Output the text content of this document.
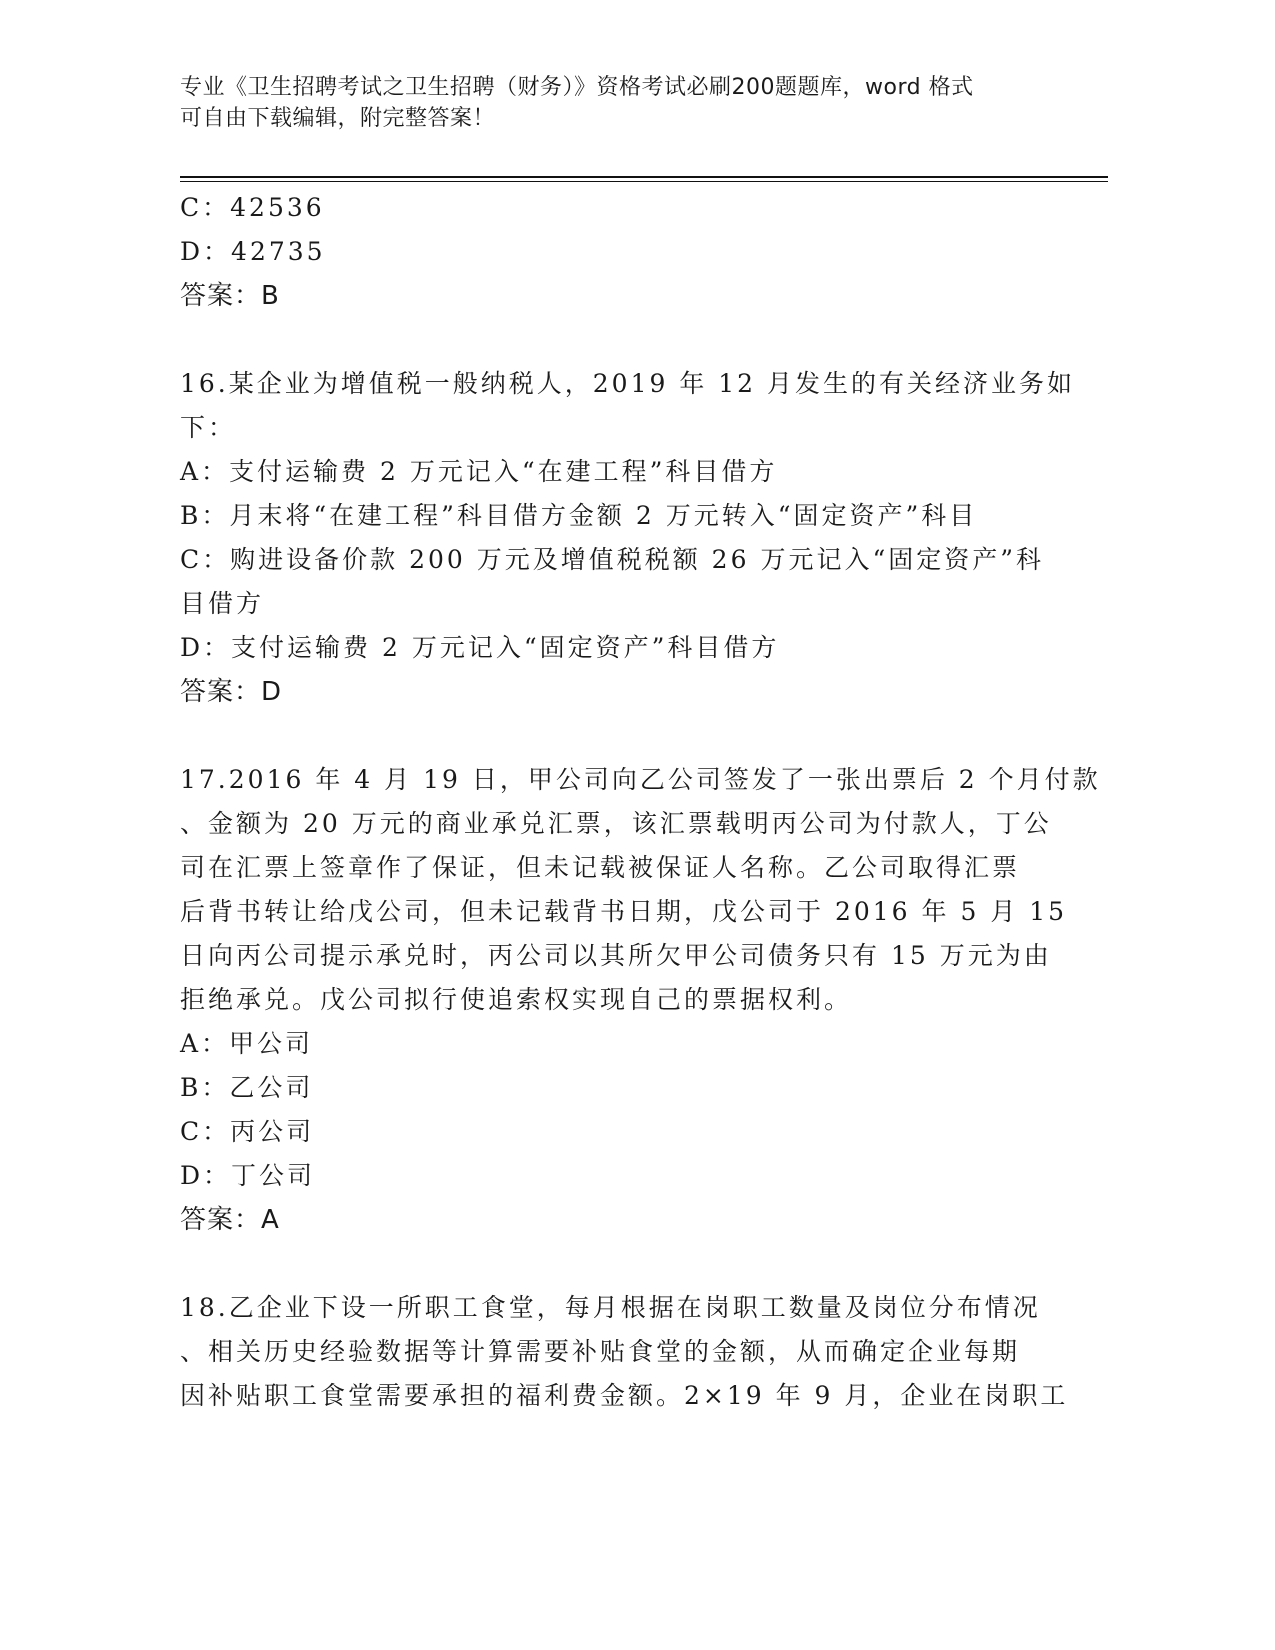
专业《卫生招聘考试之卫生招聘（财务）》资格考试必刷200题题库，word 格式
可自由下载编辑，附完整答案！
C：42536
D：42735
答案：B
16.某企业为增值税一般纳税人，2019 年 12 月发生的有关经济业务如
下：
A：支付运输费 2 万元记入“在建工程”科目借方
B：月末将“在建工程”科目借方金额 2 万元转入“固定资产”科目
C：购进设备价款 200 万元及增值税税额 26 万元记入“固定资产”科
目借方
D：支付运输费 2 万元记入“固定资产”科目借方
答案：D
17.2016 年 4 月 19 日，甲公司向乙公司签发了一张出票后 2 个月付款
、金额为 20 万元的商业承兑汇票，该汇票载明丙公司为付款人，丁公
司在汇票上签章作了保证，但未记载被保证人名称。乙公司取得汇票
后背书转让给戊公司，但未记载背书日期，戊公司于 2016 年 5 月 15
日向丙公司提示承兑时，丙公司以其所欠甲公司债务只有 15 万元为由
拒绝承兑。戊公司拟行使追索权实现自己的票据权利。
A：甲公司
B：乙公司
C：丙公司
D：丁公司
答案：A
18.乙企业下设一所职工食堂，每月根据在岗职工数量及岗位分布情况
、相关历史经验数据等计算需要补贴食堂的金额，从而确定企业每期
因补贴职工食堂需要承担的福利费金额。2×19 年 9 月，企业在岗职工
